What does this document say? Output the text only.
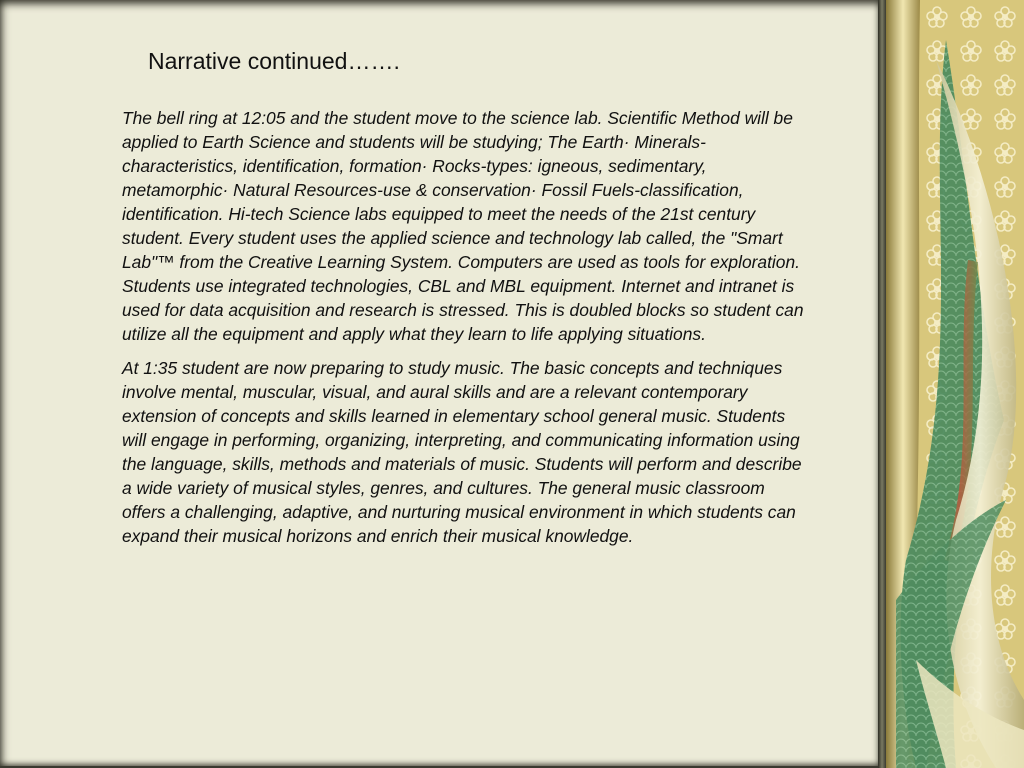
Narrative continued…….

The bell ring at 12:05 and the student move to the science lab. Scientific Method will be applied to Earth Science and students will be studying; The Earth· Minerals-characteristics, identification, formation· Rocks-types: igneous, sedimentary, metamorphic· Natural Resources-use & conservation· Fossil Fuels-classification, identification. Hi-tech Science labs equipped to meet the needs of the 21st century student. Every student uses the applied science and technology lab called, the "Smart Lab"™ from the Creative Learning System. Computers are used as tools for exploration. Students use integrated technologies, CBL and MBL equipment. Internet and intranet is used for data acquisition and research is stressed. This is doubled blocks so student can utilize all the equipment and apply what they learn to life applying situations.

At 1:35 student are now preparing to study music. The basic concepts and techniques involve mental, muscular, visual, and aural skills and are a relevant contemporary extension of concepts and skills learned in elementary school general music. Students will engage in performing, organizing, interpreting, and communicating information using the language, skills, methods and materials of music. Students will perform and describe a wide variety of musical styles, genres, and cultures. The general music classroom offers a challenging, adaptive, and nurturing musical environment in which students can expand their musical horizons and enrich their musical knowledge.
